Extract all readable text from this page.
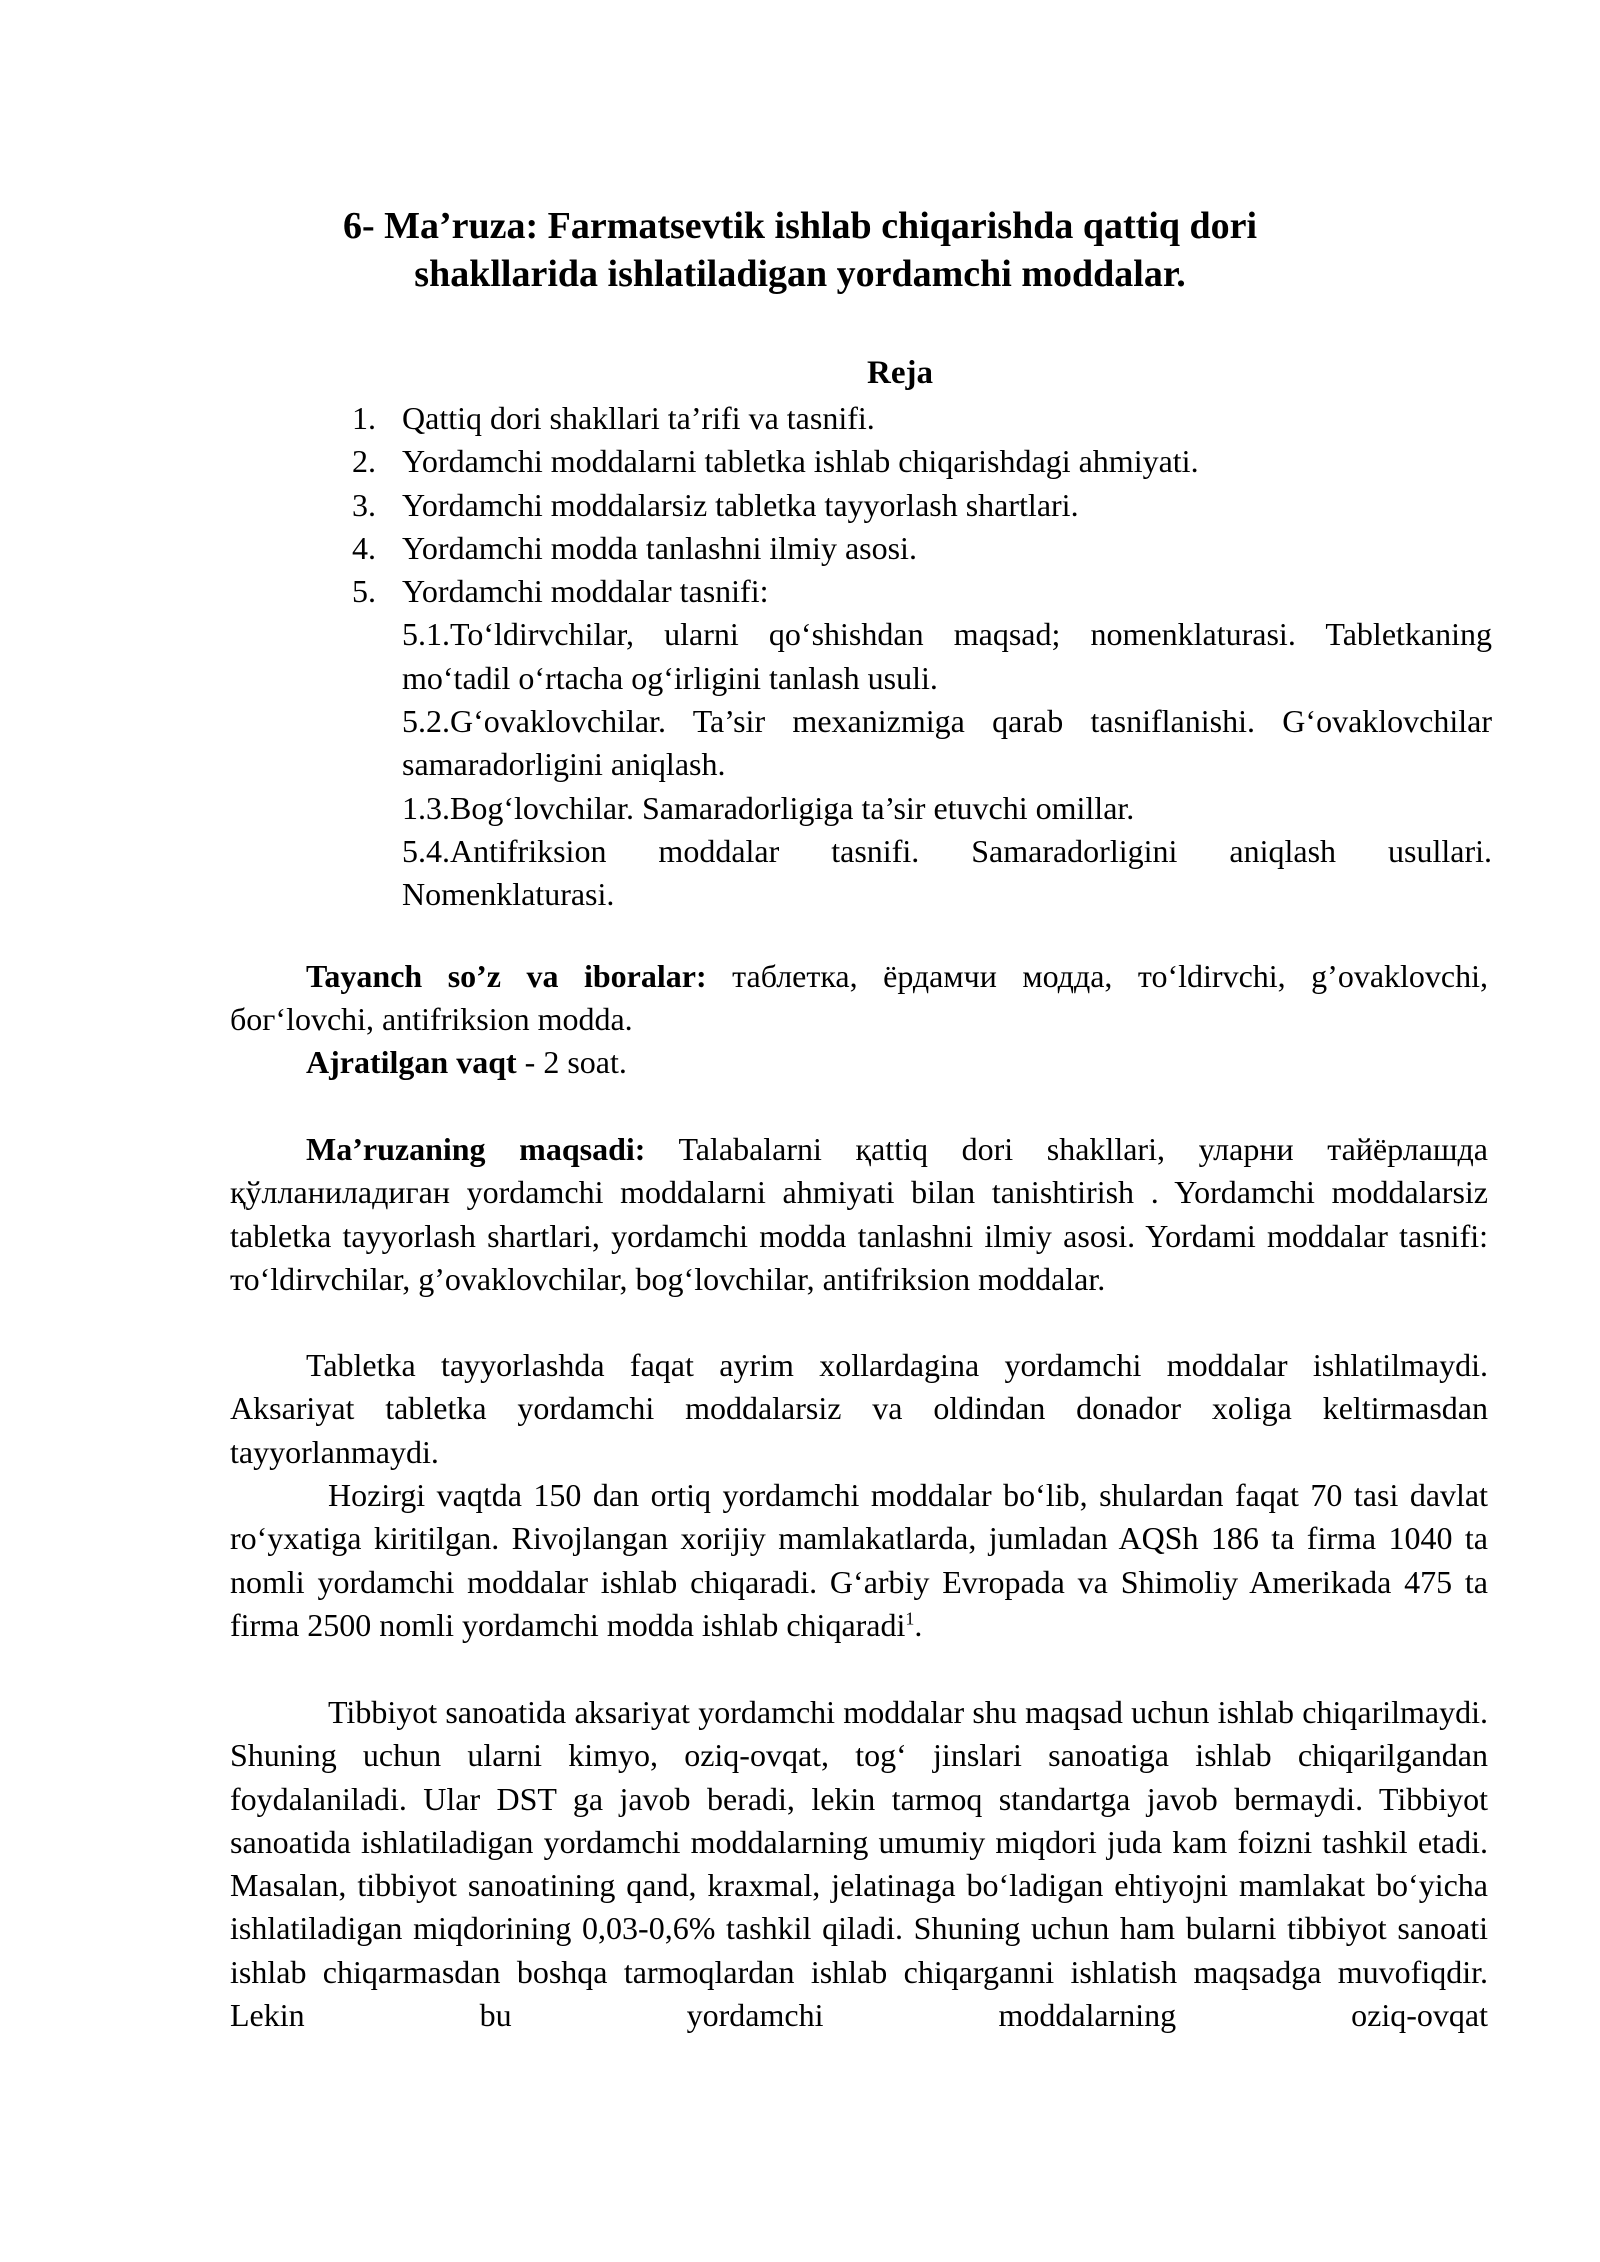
6- Ma’ruza: Farmatsevtik ishlab chiqarishda qattiq dori
shakllarida ishlatiladigan yordamchi moddalar.
Reja
1. Qattiq dori shakllari ta’rifi va tasnifi.
2. Yordamchi moddalarni tabletka ishlab chiqarishdagi ahmiyati.
3. Yordamchi moddalarsiz tabletka tayyorlash shartlari.
4. Yordamchi modda tanlashni ilmiy asosi.
5. Yordamchi moddalar tasnifi:
5.1.To‘ldirvchilar, ularni qo‘shishdan maqsad; nomenklaturasi. Tabletkaning mo‘tadil o‘rtacha og‘irligini tanlash usuli.
5.2.G‘ovaklovchilar. Ta’sir mexanizmiga qarab tasniflanishi. G‘ovaklovchilar samaradorligini aniqlash.
1.3.Bog‘lovchilar. Samaradorligiga ta’sir etuvchi omillar.
5.4.Antifriksion moddalar tasnifi. Samaradorligini aniqlash usullari. Nomenklaturasi.
Tayanch so’z va iboralar: таблетка, ёрдамчи модда, то‘ldirvchi, g’ovaklovchi, бог‘lovchi, antifriksion modda.
Ajratilgan vaqt - 2 soat.
Ma’ruzaning maqsadi: Talabalarni қattiq dori shakllari, уларни тайёрлашда қўлланиладиган yordamchi moddalarni ahmiyati bilan tanishtirish . Yordamchi moddalarsiz tabletka tayyorlash shartlari, yordamchi modda tanlashni ilmiy asosi. Yordami moddalar tasnifi: то‘ldirvchilar, g’ovaklovchilar, bog‘lovchilar, antifriksion moddalar.
Tabletka tayyorlashda faqat ayrim xollardagina yordamchi moddalar ishlatilmaydi. Aksariyat tabletka yordamchi moddalarsiz va oldindan donador xoliga keltirmasdan tayyorlanmaydi.
Hozirgi vaqtda 150 dan ortiq yordamchi moddalar bo‘lib, shulardan faqat 70 tasi davlat ro‘yxatiga kiritilgan. Rivojlangan xorijiy mamlakatlarda, jumladan AQSh 186 ta firma 1040 ta nomli yordamchi moddalar ishlab chiqaradi. G‘arbiy Evropada va Shimoliy Amerikada 475 ta firma 2500 nomli yordamchi modda ishlab chiqaradi$^1$.
Tibbiyot sanoatida aksariyat yordamchi moddalar shu maqsad uchun ishlab chiqarilmaydi. Shuning uchun ularni kimyo, oziq-ovqat, tog‘ jinslari sanoatiga ishlab chiqarilgandan foydalaniladi. Ular DST ga javob beradi, lekin tarmoq standartga javob bermaydi. Tibbiyot sanoatida ishlatiladigan yordamchi moddalarning umumiy miqdori juda kam foizni tashkil etadi. Masalan, tibbiyot sanoatining qand, kraxmal, jelatinaga bo‘ladigan ehtiyojni mamlakat bo‘yicha ishlatiladigan miqdorining 0,03-0,6% tashkil qiladi. Shuning uchun ham bularni tibbiyot sanoati ishlab chiqarmasdan boshqa tarmoqlardan ishlab chiqarganni ishlatish maqsadga muvofiqdir. Lekin bu yordamchi moddalarning oziq-ovqat
